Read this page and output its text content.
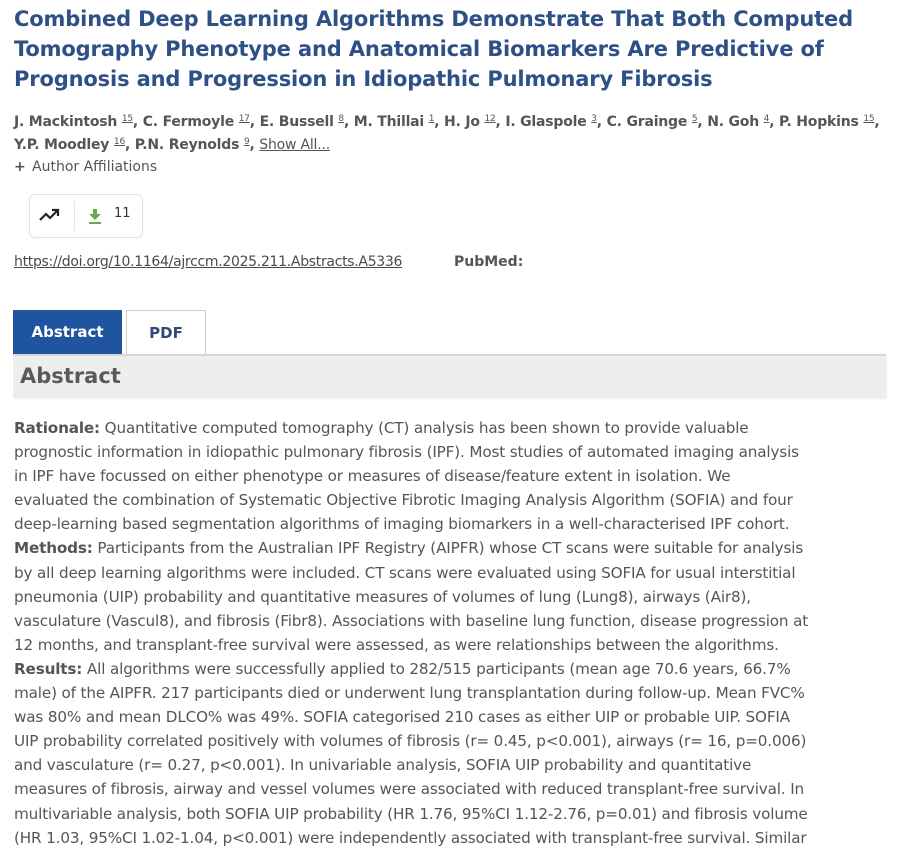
Combined Deep Learning Algorithms Demonstrate That Both Computed
Tomography Phenotype and Anatomical Biomarkers Are Predictive of
Prognosis and Progression in Idiopathic Pulmonary Fibrosis
J. Mackintosh $^{15}$, C. Fermoyle $^{17}$, E. Bussell $^8$, M. Thillai $^1$, H. Jo $^{12}$, I. Glaspole $^3$, C. Grainge $^5$, N. Goh $^4$, P. Hopkins $^{15}$,
Y.P. Moodley $^{16}$, P.N. Reynolds $^9$, Show All...
+ Author Affiliations
11
https://doi.org/10.1164/ajrccm.2025.211.Abstracts.A5336	PubMed:
Abstract	PDF
Abstract
Rationale: Quantitative computed tomography (CT) analysis has been shown to provide valuable
prognostic information in idiopathic pulmonary fibrosis (IPF). Most studies of automated imaging analysis
in IPF have focussed on either phenotype or measures of disease/feature extent in isolation. We
evaluated the combination of Systematic Objective Fibrotic Imaging Analysis Algorithm (SOFIA) and four
deep-learning based segmentation algorithms of imaging biomarkers in a well-characterised IPF cohort.
Methods: Participants from the Australian IPF Registry (AIPFR) whose CT scans were suitable for analysis
by all deep learning algorithms were included. CT scans were evaluated using SOFIA for usual interstitial
pneumonia (UIP) probability and quantitative measures of volumes of lung (Lung8), airways (Air8),
vasculature (Vascul8), and fibrosis (Fibr8). Associations with baseline lung function, disease progression at
12 months, and transplant-free survival were assessed, as were relationships between the algorithms.
Results: All algorithms were successfully applied to 282/515 participants (mean age 70.6 years, 66.7%
male) of the AIPFR. 217 participants died or underwent lung transplantation during follow-up. Mean FVC%
was 80% and mean DLCO% was 49%. SOFIA categorised 210 cases as either UIP or probable UIP. SOFIA
UIP probability correlated positively with volumes of fibrosis (r= 0.45, p<0.001), airways (r= 16, p=0.006)
and vasculature (r= 0.27, p<0.001). In univariable analysis, SOFIA UIP probability and quantitative
measures of fibrosis, airway and vessel volumes were associated with reduced transplant-free survival. In
multivariable analysis, both SOFIA UIP probability (HR 1.76, 95%CI 1.12-2.76, p=0.01) and fibrosis volume
(HR 1.03, 95%CI 1.02-1.04, p<0.001) were independently associated with transplant-free survival. Similar
